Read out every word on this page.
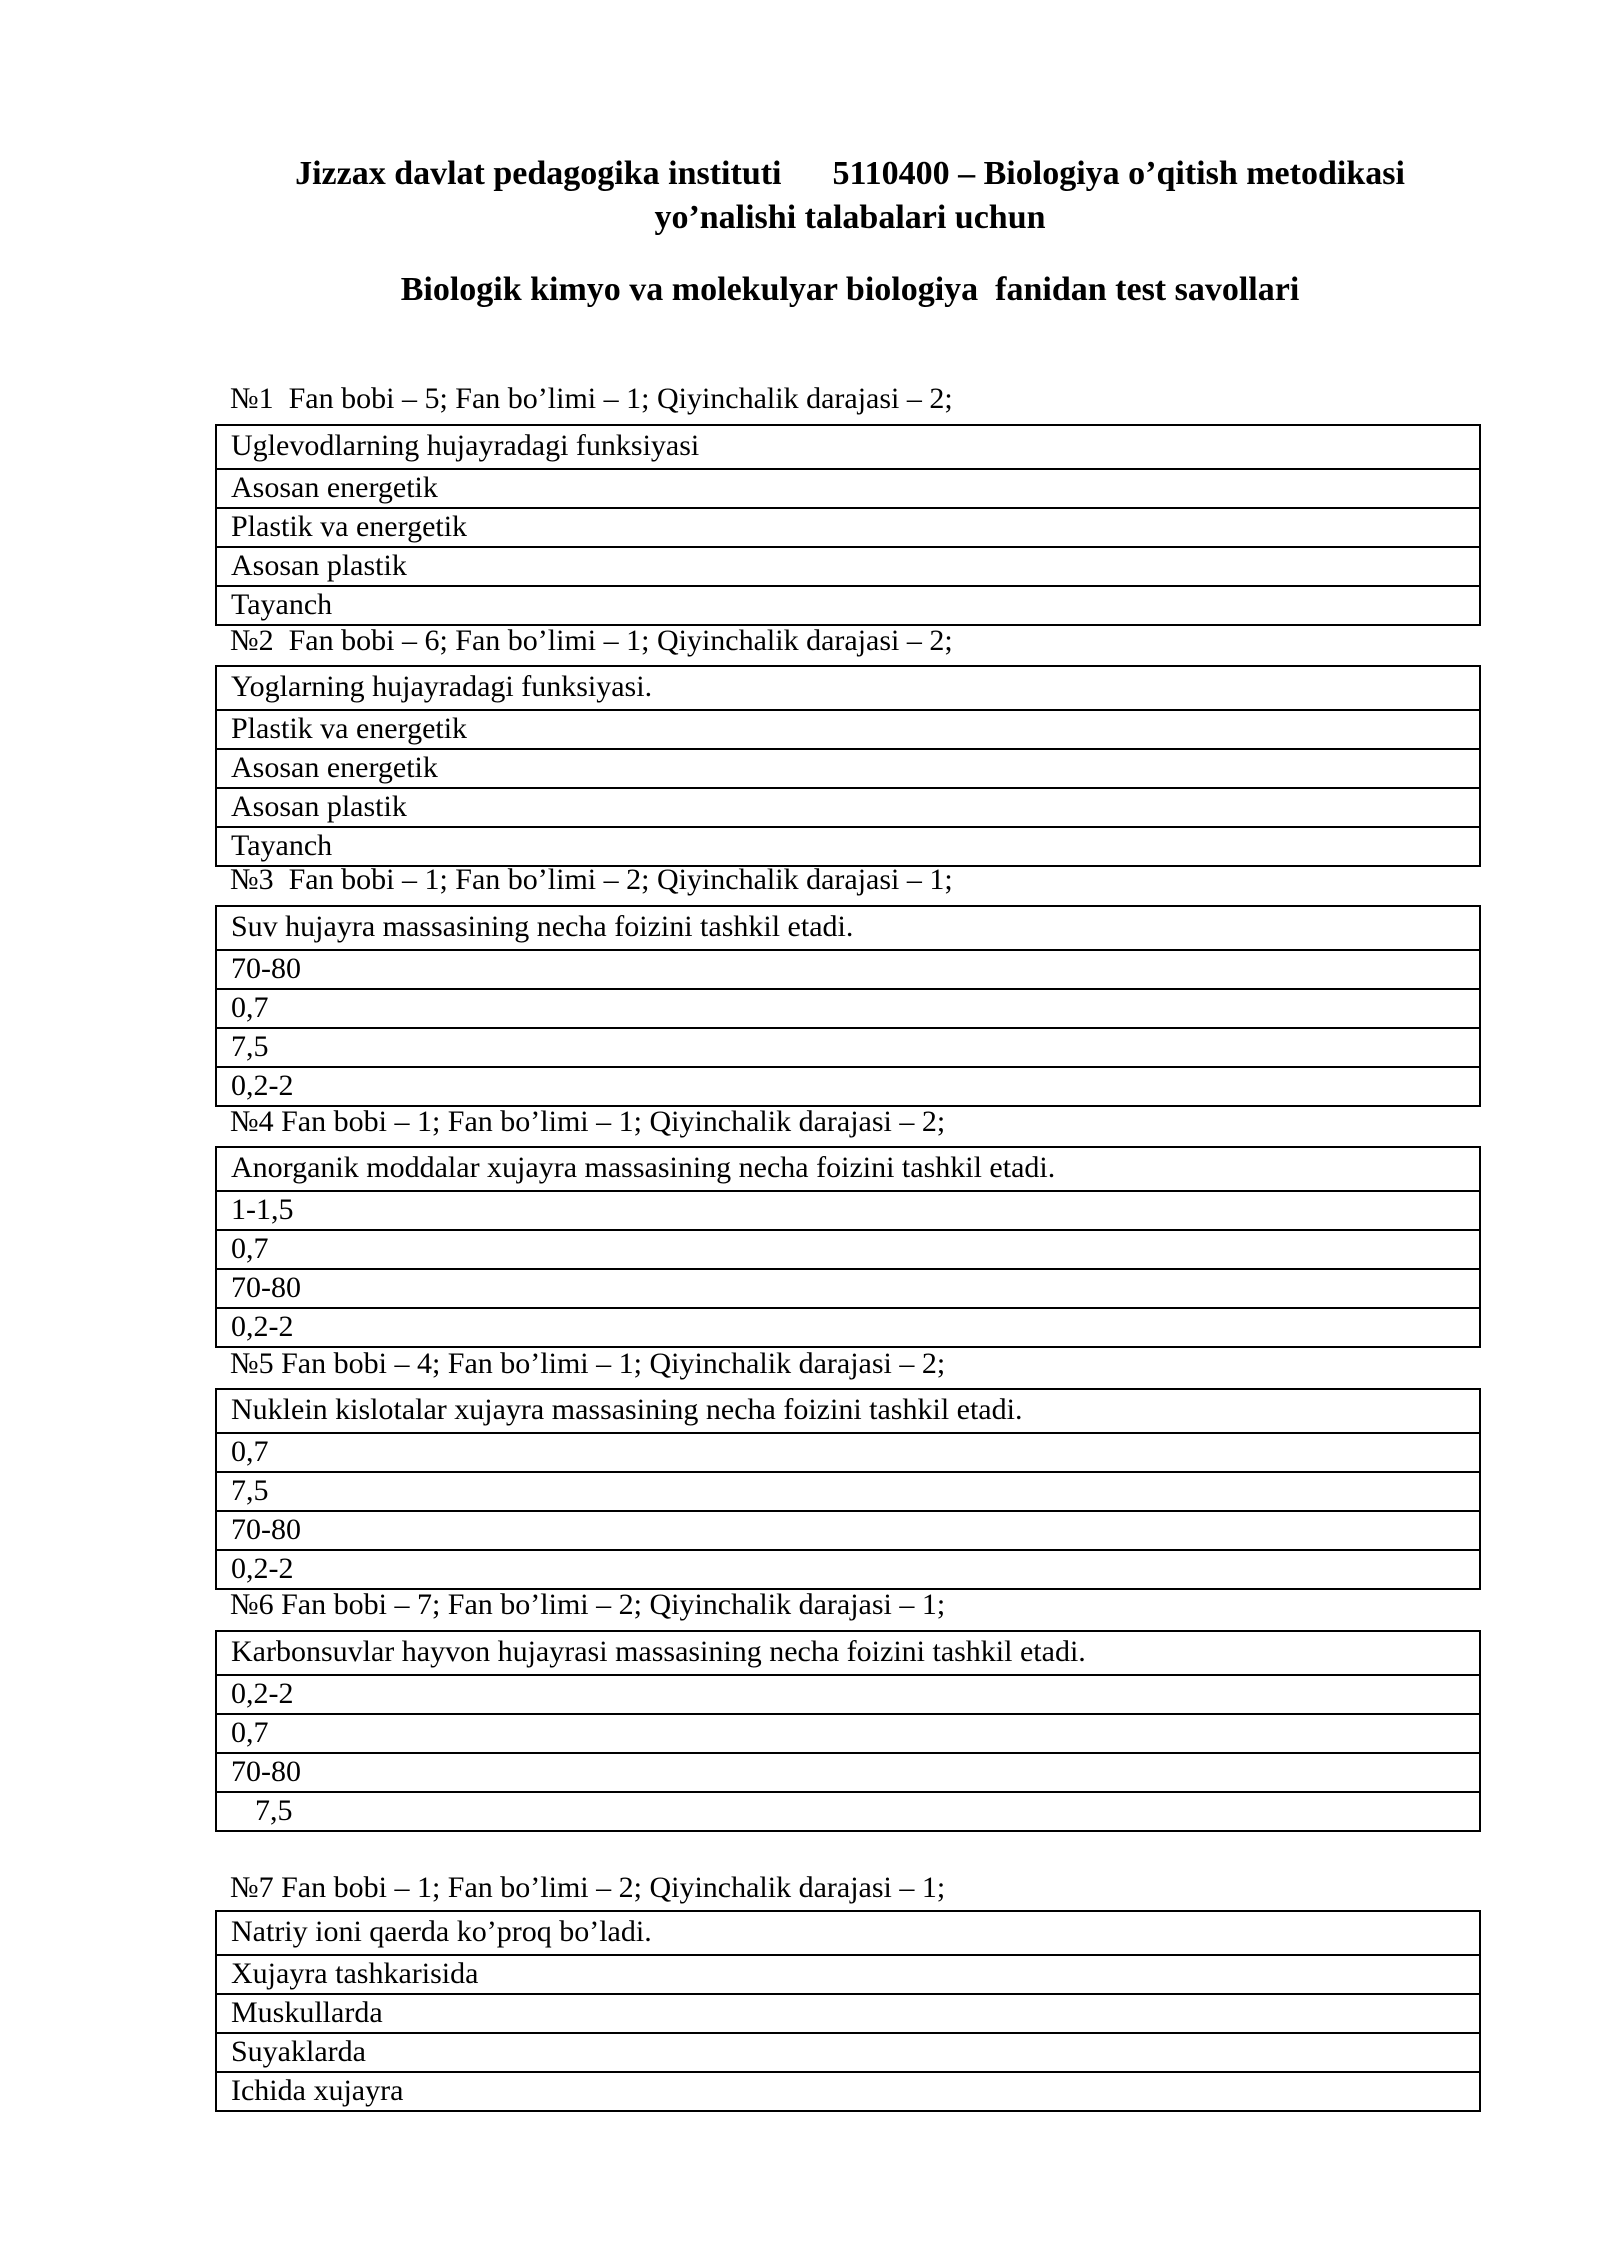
Jizzax davlat pedagogika instituti      5110400 – Biologiya o’qitish metodikasi
yo’nalishi talabalari uchun
Biologik kimyo va molekulyar biologiya  fanidan test savollari
№1  Fan bobi – 5; Fan bo’limi – 1; Qiyinchalik darajasi – 2;
Uglevodlarning hujayradagi funksiyasi
Asosan energetik
Plastik va energetik
Asosan plastik
Tayanch
№2  Fan bobi – 6; Fan bo’limi – 1; Qiyinchalik darajasi – 2;
Yoglarning hujayradagi funksiyasi.
Plastik va energetik
Asosan energetik
Asosan plastik
Tayanch
№3  Fan bobi – 1; Fan bo’limi – 2; Qiyinchalik darajasi – 1;
Suv hujayra massasining necha foizini tashkil etadi.
70-80
0,7
7,5
0,2-2
№4 Fan bobi – 1; Fan bo’limi – 1; Qiyinchalik darajasi – 2;
Anorganik moddalar xujayra massasining necha foizini tashkil etadi.
1-1,5
0,7
70-80
0,2-2
№5 Fan bobi – 4; Fan bo’limi – 1; Qiyinchalik darajasi – 2;
Nuklein kislotalar xujayra massasining necha foizini tashkil etadi.
0,7
7,5
70-80
0,2-2
№6 Fan bobi – 7; Fan bo’limi – 2; Qiyinchalik darajasi – 1;
Karbonsuvlar hayvon hujayrasi massasining necha foizini tashkil etadi.
0,2-2
0,7
70-80
7,5
№7 Fan bobi – 1; Fan bo’limi – 2; Qiyinchalik darajasi – 1;
Natriy ioni qaerda ko’proq bo’ladi.
Xujayra tashkarisida
Muskullarda
Suyaklarda
Ichida xujayra
